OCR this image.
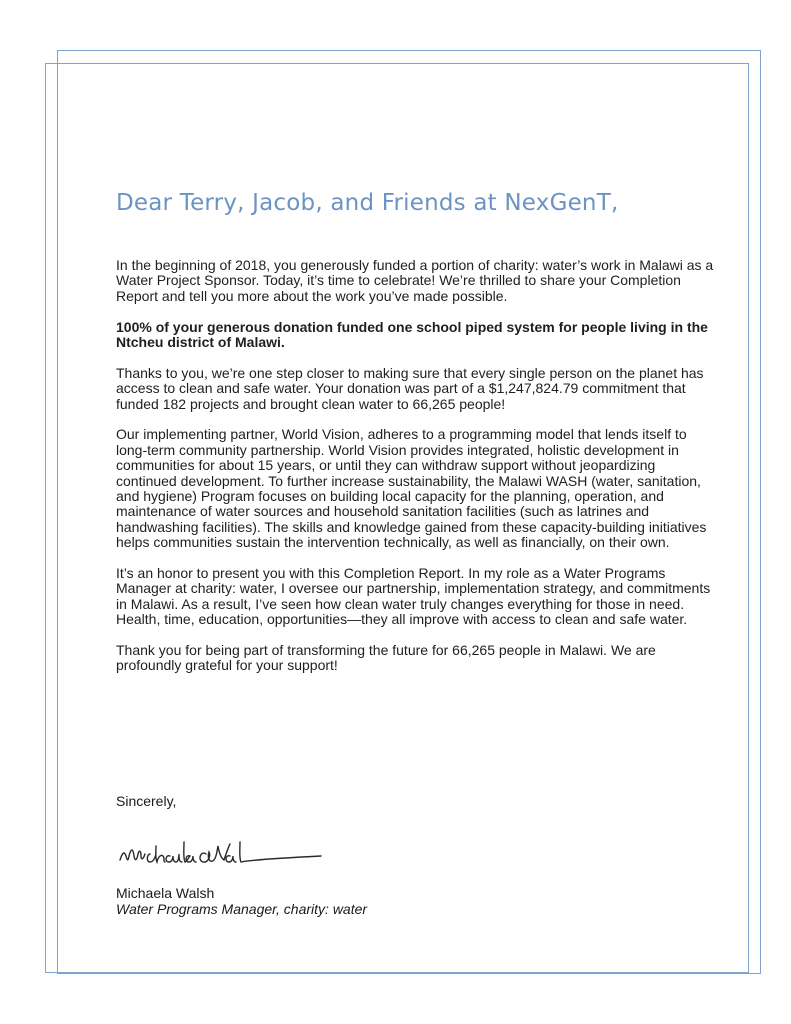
Dear Terry, Jacob, and Friends at NexGenT,

In the beginning of 2018, you generously funded a portion of charity: water’s work in Malawi as a Water Project Sponsor. Today, it’s time to celebrate! We’re thrilled to share your Completion Report and tell you more about the work you’ve made possible.

100% of your generous donation funded one school piped system for people living in the Ntcheu district of Malawi.

Thanks to you, we’re one step closer to making sure that every single person on the planet has access to clean and safe water. Your donation was part of a $1,247,824.79 commitment that funded 182 projects and brought clean water to 66,265 people!

Our implementing partner, World Vision, adheres to a programming model that lends itself to long-term community partnership. World Vision provides integrated, holistic development in communities for about 15 years, or until they can withdraw support without jeopardizing continued development. To further increase sustainability, the Malawi WASH (water, sanitation, and hygiene) Program focuses on building local capacity for the planning, operation, and maintenance of water sources and household sanitation facilities (such as latrines and handwashing facilities). The skills and knowledge gained from these capacity-building initiatives helps communities sustain the intervention technically, as well as financially, on their own.

It’s an honor to present you with this Completion Report. In my role as a Water Programs Manager at charity: water, I oversee our partnership, implementation strategy, and commitments in Malawi. As a result, I’ve seen how clean water truly changes everything for those in need. Health, time, education, opportunities—they all improve with access to clean and safe water.

Thank you for being part of transforming the future for 66,265 people in Malawi. We are profoundly grateful for your support!

Sincerely,
Michaela Walsh
Water Programs Manager, charity: water
